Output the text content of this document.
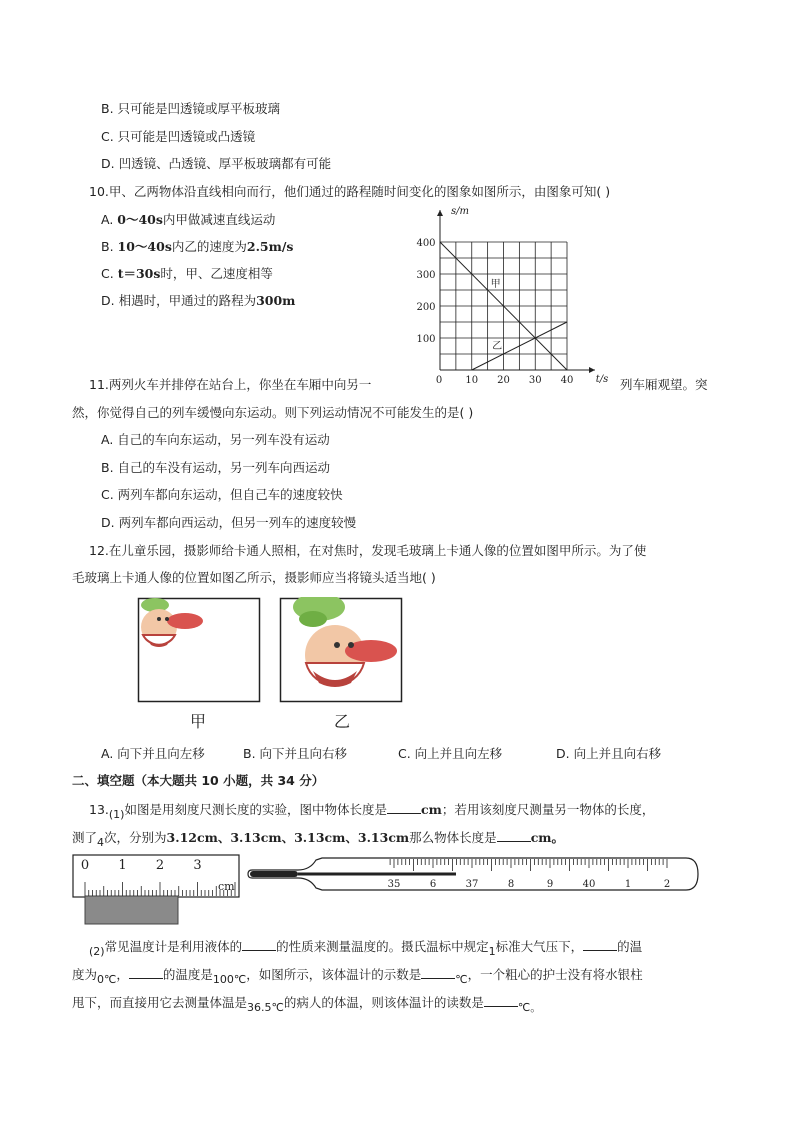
B. 只可能是凹透镜或厚平板玻璃
C. 只可能是凹透镜或凸透镜
D. 凹透镜、凸透镜、厚平板玻璃都有可能
10.甲、乙两物体沿直线相向而行，他们通过的路程随时间变化的图象如图所示，由图象可知( )
A. 0～40s内甲做减速直线运动
B. 10～40s内乙的速度为2.5m/s
C. t＝30s时，甲、乙速度相等
D. 相遇时，甲通过的路程为300m
0 10 20 30 40
100
200
300
400
t/s
s/m
甲
乙
11.两列火车并排停在站台上，你坐在车厢中向另一	列车厢观望。突
然，你觉得自己的列车缓慢向东运动。则下列运动情况不可能发生的是( )
A. 自己的车向东运动，另一列车没有运动
B. 自己的车没有运动，另一列车向西运动
C. 两列车都向东运动，但自己车的速度较快
D. 两列车都向西运动，但另一列车的速度较慢
12.在儿童乐园，摄影师给卡通人照相，在对焦时，发现毛玻璃上卡通人像的位置如图甲所示。为了使
毛玻璃上卡通人像的位置如图乙所示，摄影师应当将镜头适当地( )
甲	乙
A. 向下并且向左移	B. 向下并且向右移	C. 向上并且向左移	D. 向上并且向右移
二、填空题（本大题共 10 小题，共 34 分）
13.(1)如图是用刻度尺测长度的实验，图中物体长度是	cm；若用该刻度尺测量另一物体的长度，
测了4次，分别为3.12cm、3.13cm、3.13cm、3.13cm那么物体长度是	cm。
0 1 2 3
cm	35	6	37	8	9	40	1	2
(2)常见温度计是利用液体的	的性质来测量温度的。摄氏温标中规定1标准大气压下，	的温
度为0℃，	的温度是100℃，如图所示，该体温计的示数是	℃，一个粗心的护士没有将水银柱
甩下，而直接用它去测量体温是36.5℃的病人的体温，则该体温计的读数是	℃。
